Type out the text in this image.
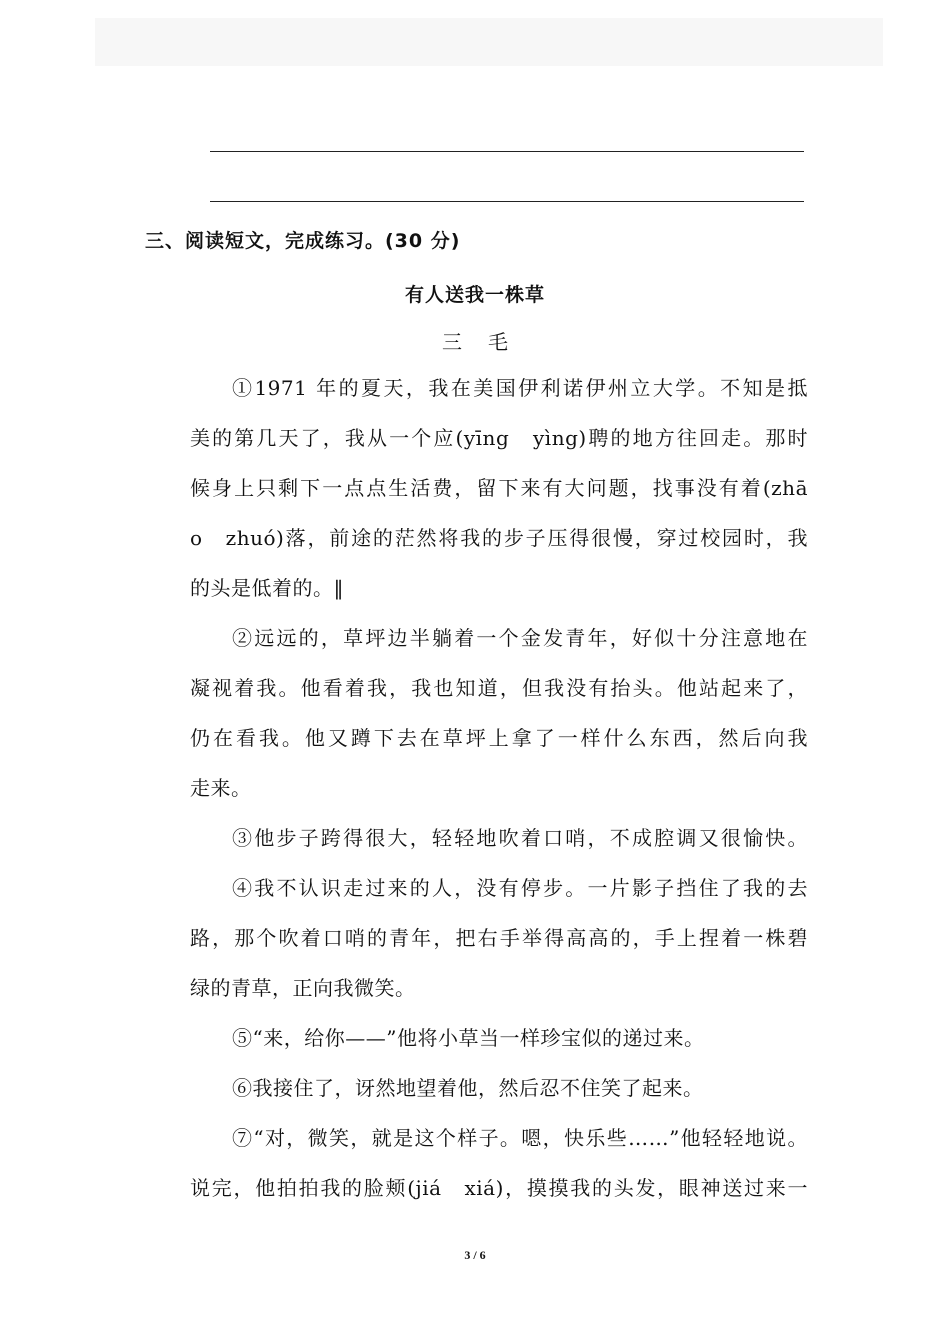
三、阅读短文，完成练习。(30 分)
有人送我一株草
三毛
①1971 年的夏天，我在美国伊利诺伊州立大学。不知是抵
美的第几天了，我从一个应(yīng　yìng)聘的地方往回走。那时
候身上只剩下一点点生活费，留下来有大问题，找事没有着(zhā
o　zhuó)落，前途的茫然将我的步子压得很慢，穿过校园时，我
的头是低着的。‖
②远远的，草坪边半躺着一个金发青年，好似十分注意地在
凝视着我。他看着我，我也知道，但我没有抬头。他站起来了，
仍在看我。他又蹲下去在草坪上拿了一样什么东西，然后向我
走来。
③他步子跨得很大，轻轻地吹着口哨，不成腔调又很愉快。
④我不认识走过来的人，没有停步。一片影子挡住了我的去
路，那个吹着口哨的青年，把右手举得高高的，手上捏着一株碧
绿的青草，正向我微笑。
⑤“来，给你——”他将小草当一样珍宝似的递过来。
⑥我接住了，讶然地望着他，然后忍不住笑了起来。
⑦“对，微笑，就是这个样子。嗯，快乐些……”他轻轻地说。
说完，他拍拍我的脸颊(jiá　xiá)，摸摸我的头发，眼神送过来一
3 / 6
